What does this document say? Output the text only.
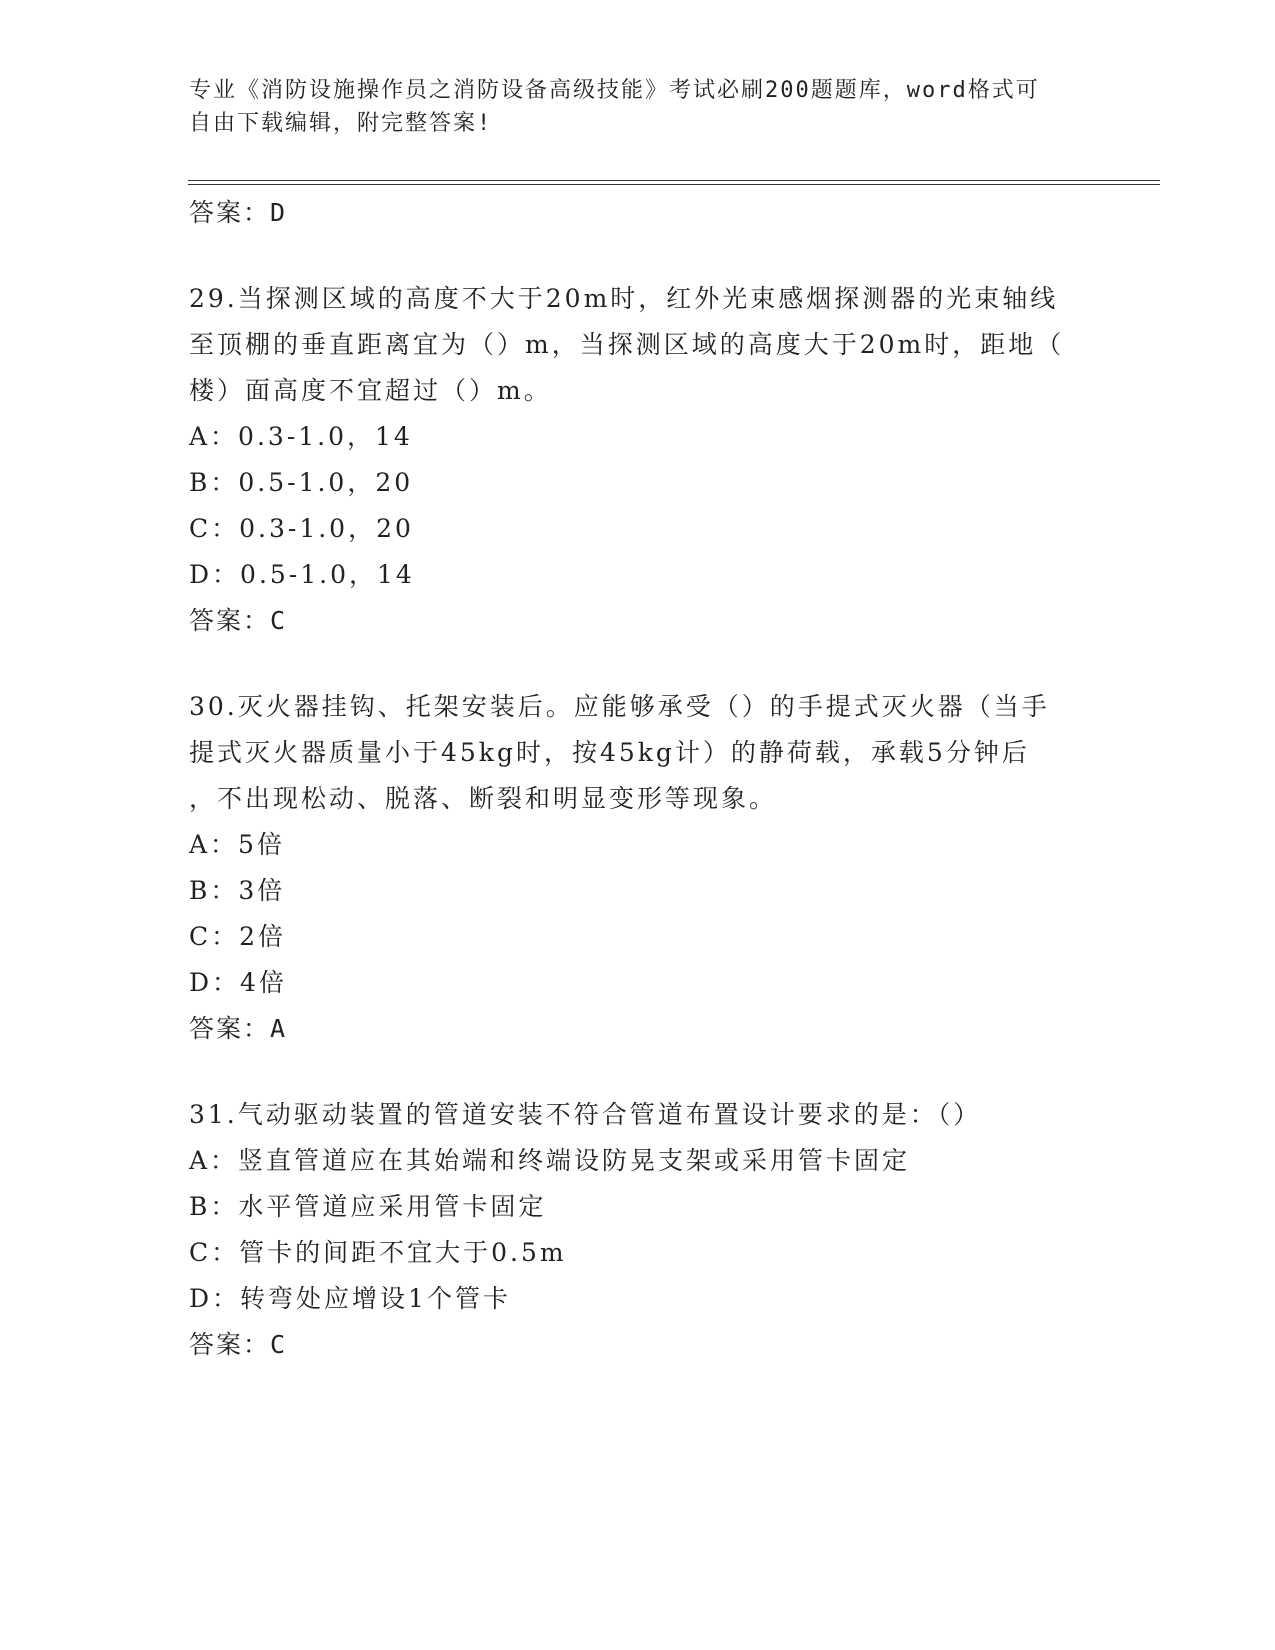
专业《消防设施操作员之消防设备高级技能》考试必刷200题题库，word格式可
自由下载编辑，附完整答案!
答案：D
29.当探测区域的高度不大于20m时，红外光束感烟探测器的光束轴线
至顶棚的垂直距离宜为（）m，当探测区域的高度大于20m时，距地（
楼）面高度不宜超过（）m。
A：0.3-1.0，14
B：0.5-1.0，20
C：0.3-1.0，20
D：0.5-1.0，14
答案：C
30.灭火器挂钩、托架安装后。应能够承受（）的手提式灭火器（当手
提式灭火器质量小于45kg时，按45kg计）的静荷载，承载5分钟后
，不出现松动、脱落、断裂和明显变形等现象。
A：5倍
B：3倍
C：2倍
D：4倍
答案：A
31.气动驱动装置的管道安装不符合管道布置设计要求的是：（）
A：竖直管道应在其始端和终端设防晃支架或采用管卡固定
B：水平管道应采用管卡固定
C：管卡的间距不宜大于0.5m
D：转弯处应增设1个管卡
答案：C
